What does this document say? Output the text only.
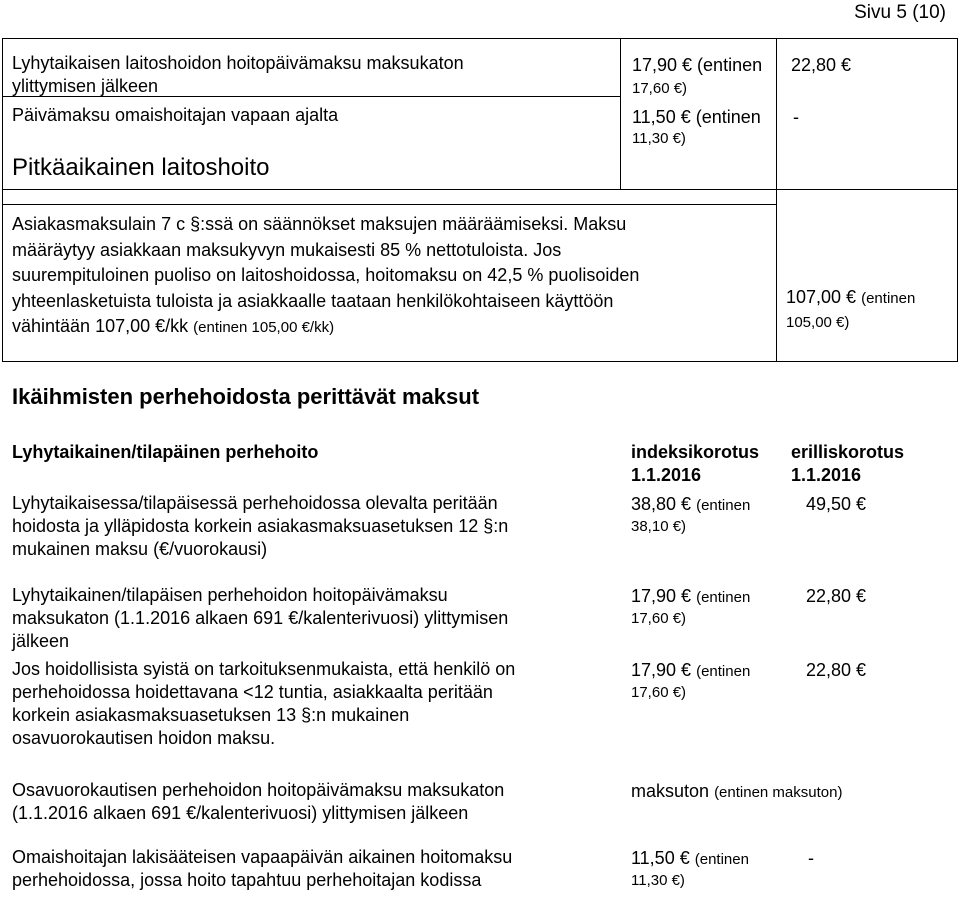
Sivu 5 (10)
Lyhytaikaisen laitoshoidon hoitopäivämaksu maksukaton
ylittymisen jälkeen
17,90 € (entinen
17,60 €)
22,80 €
Päivämaksu omaishoitajan vapaan ajalta	11,50 € (entinen
11,30 €)
-
Pitkäaikainen laitoshoito
Asiakasmaksulain 7 c §:ssä on säännökset maksujen määräämiseksi. Maksu
määräytyy asiakkaan maksukyvyn mukaisesti 85 % nettotuloista. Jos
suurempituloinen puoliso on laitoshoidossa, hoitomaksu on 42,5 % puolisoiden
yhteenlasketuista tuloista ja asiakkaalle taataan henkilökohtaiseen käyttöön
vähintään 107,00 €/kk (entinen 105,00 €/kk)
107,00 € (entinen
105,00 €)
Ikäihmisten perhehoidosta perittävät maksut
Lyhytaikainen/tilapäinen perhehoito	indeksikorotus
1.1.2016
erilliskorotus
1.1.2016
Lyhytaikaisessa/tilapäisessä perhehoidossa olevalta peritään
hoidosta ja ylläpidosta korkein asiakasmaksuasetuksen 12 §:n
mukainen maksu (€/vuorokausi)
38,80 € (entinen
38,10 €)
49,50 €
Lyhytaikainen/tilapäisen perhehoidon hoitopäivämaksu
maksukaton (1.1.2016 alkaen 691 €/kalenterivuosi) ylittymisen
jälkeen
17,90 € (entinen
17,60 €)
22,80 €
Jos hoidollisista syistä on tarkoituksenmukaista, että henkilö on
perhehoidossa hoidettavana <12 tuntia, asiakkaalta peritään
korkein asiakasmaksuasetuksen 13 §:n mukainen
osavuorokautisen hoidon maksu.
17,90 € (entinen
17,60 €)
22,80 €
Osavuorokautisen perhehoidon hoitopäivämaksu maksukaton
(1.1.2016 alkaen 691 €/kalenterivuosi) ylittymisen jälkeen
maksuton (entinen maksuton)
Omaishoitajan lakisääteisen vapaapäivän aikainen hoitomaksu
perhehoidossa, jossa hoito tapahtuu perhehoitajan kodissa
11,50 € (entinen
11,30 €)
-
